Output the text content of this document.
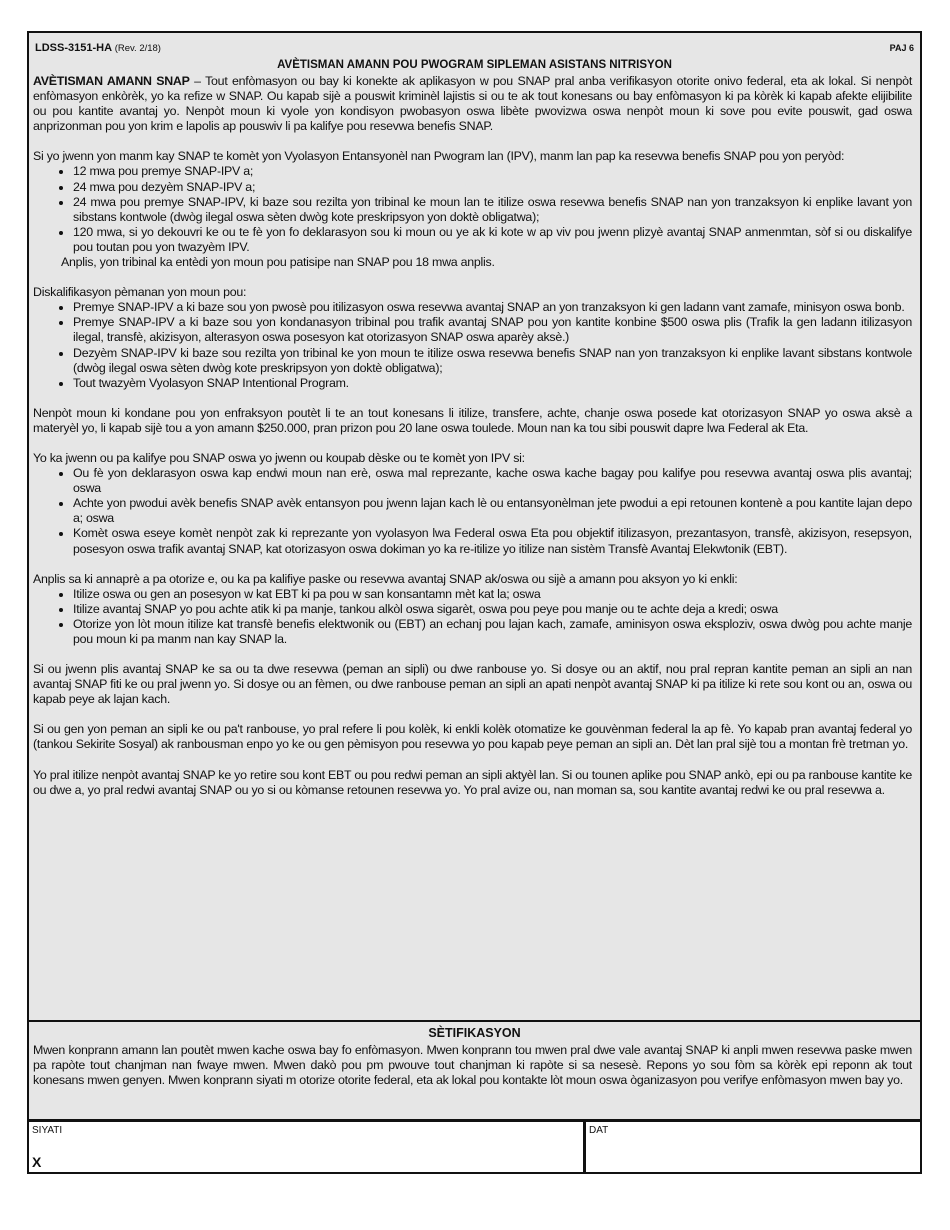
LDSS-3151-HA (Rev. 2/18)	PAJ 6
AVÈTISMAN AMANN POU PWOGRAM SIPLEMAN ASISTANS NITRISYON

AVÈTISMAN AMANN SNAP – Tout enfòmasyon ou bay ki konekte ak aplikasyon w pou SNAP pral anba verifikasyon otorite onivo federal, eta ak lokal. Si nenpòt enfòmasyon enkòrèk, yo ka refize w SNAP. Ou kapab sijè a pouswit kriminèl lajistis si ou te ak tout konesans ou bay enfòmasyon ki pa kòrèk ki kapab afekte elijibilite ou pou kantite avantaj yo. Nenpòt moun ki vyole yon kondisyon pwobasyon oswa libète pwovizwa oswa nenpòt moun ki sove pou evite pouswit, gad oswa anprizonman pou yon krim e lapolis ap pouswiv li pa kalifye pou resevwa benefis SNAP.

Si yo jwenn yon manm kay SNAP te komèt yon Vyolasyon Entansyonèl nan Pwogram lan (IPV), manm lan pap ka resevwa benefis SNAP pou yon peryòd:
• 12 mwa pou premye SNAP-IPV a;
• 24 mwa pou dezyèm SNAP-IPV a;
• 24 mwa pou premye SNAP-IPV, ki baze sou rezilta yon tribinal ke moun lan te itilize oswa resevwa benefis SNAP nan yon tranzaksyon ki enplike lavant yon sibstans kontwole (dwòg ilegal oswa sèten dwòg kote preskripsyon yon doktè obligatwa);
• 120 mwa, si yo dekouvri ke ou te fè yon fo deklarasyon sou ki moun ou ye ak ki kote w ap viv pou jwenn plizyè avantaj SNAP anmenmtan, sòf si ou diskalifye pou toutan pou yon twazyèm IPV.
Anplis, yon tribinal ka entèdi yon moun pou patisipe nan SNAP pou 18 mwa anplis.
Diskalifikasyon pèmanan yon moun pou:
• Premye SNAP-IPV a ki baze sou yon pwosè pou itilizasyon oswa resevwa avantaj SNAP an yon tranzaksyon ki gen ladann vant zamafe, minisyon oswa bonb.
• Premye SNAP-IPV a ki baze sou yon kondanasyon tribinal pou trafik avantaj SNAP pou yon kantite konbine $500 oswa plis (Trafik la gen ladann itilizasyon ilegal, transfè, akizisyon, alterasyon oswa posesyon kat otorizasyon SNAP oswa aparèy aksè.)
• Dezyèm SNAP-IPV ki baze sou rezilta yon tribinal ke yon moun te itilize oswa resevwa benefis SNAP nan yon tranzaksyon ki enplike lavant sibstans kontwole (dwòg ilegal oswa sèten dwòg kote preskripsyon yon doktè obligatwa);
• Tout twazyèm Vyolasyon SNAP Intentional Program.

Nenpòt moun ki kondane pou yon enfraksyon poutèt li te an tout konesans li itilize, transfere, achte, chanje oswa posede kat otorizasyon SNAP yo oswa aksè a materyèl yo, li kapab sijè tou a yon amann $250.000, pran prizon pou 20 lane oswa toulede. Moun nan ka tou sibi pouswit dapre lwa Federal ak Eta.

Yo ka jwenn ou pa kalifye pou SNAP oswa yo jwenn ou koupab dèske ou te komèt yon IPV si:
• Ou fè yon deklarasyon oswa kap endwi moun nan erè, oswa mal reprezante, kache oswa kache bagay pou kalifye pou resevwa avantaj oswa plis avantaj; oswa
• Achte yon pwodui avèk benefis SNAP avèk entansyon pou jwenn lajan kach lè ou entansyonèlman jete pwodui a epi retounen kontenè a pou kantite lajan depo a; oswa
• Komèt oswa eseye komèt nenpòt zak ki reprezante yon vyolasyon lwa Federal oswa Eta pou objektif itilizasyon, prezantasyon, transfè, akizisyon, resepsyon, posesyon oswa trafik avantaj SNAP, kat otorizasyon oswa dokiman yo ka re-itilize yo itilize nan sistèm Transfè Avantaj Elekwtonik (EBT).
Anplis sa ki annaprè a pa otorize e, ou ka pa kalifiye paske ou resevwa avantaj SNAP ak/oswa ou sijè a amann pou aksyon yo ki enkli:
• Itilize oswa ou gen an posesyon w kat EBT ki pa pou w san konsantamn mèt kat la; oswa
• Itilize avantaj SNAP yo pou achte atik ki pa manje, tankou alkòl oswa sigarèt, oswa pou peye pou manje ou te achte deja a kredi; oswa
• Otorize yon lòt moun itilize kat transfè benefis elektwonik ou (EBT) an echanj pou lajan kach, zamafe, aminisyon oswa eksploziv, oswa dwòg pou achte manje pou moun ki pa manm nan kay SNAP la.

Si ou jwenn plis avantaj SNAP ke sa ou ta dwe resevwa (peman an sipli) ou dwe ranbouse yo. Si dosye ou an aktif, nou pral repran kantite peman an sipli an nan avantaj SNAP fiti ke ou pral jwenn yo. Si dosye ou an fèmen, ou dwe ranbouse peman an sipli an apati nenpòt avantaj SNAP ki pa itilize ki rete sou kont ou an, oswa ou kapab peye ak lajan kach.

Si ou gen yon peman an sipli ke ou pa't ranbouse, yo pral refere li pou kolèk, ki enkli kolèk otomatize ke gouvènman federal la ap fè. Yo kapab pran avantaj federal yo (tankou Sekirite Sosyal) ak ranbousman enpo yo ke ou gen pèmisyon pou resevwa yo pou kapab peye peman an sipli an. Dèt lan pral sijè tou a montan frè tretman yo.

Yo pral itilize nenpòt avantaj SNAP ke yo retire sou kont EBT ou pou redwi peman an sipli aktyèl lan. Si ou tounen aplike pou SNAP ankò, epi ou pa ranbouse kantite ke ou dwe a, yo pral redwi avantaj SNAP ou yo si ou kòmanse retounen resevwa yo. Yo pral avize ou, nan moman sa, sou kantite avantaj redwi ke ou pral resevwa a.

SÈTIFIKASYON
Mwen konprann amann lan poutèt mwen kache oswa bay fo enfòmasyon. Mwen konprann tou mwen pral dwe vale avantaj SNAP ki anpli mwen resevwa paske mwen pa rapòte tout chanjman nan fwaye mwen. Mwen dakò pou pm pwouve tout chanjman ki rapòte si sa nesesè. Repons yo sou fòm sa kòrèk epi reponn ak tout konesans mwen genyen. Mwen konprann siyati m otorize otorite federal, eta ak lokal pou kontakte lòt moun oswa òganizasyon pou verifye enfòmasyon mwen bay yo.
SIYATI
X
DAT
